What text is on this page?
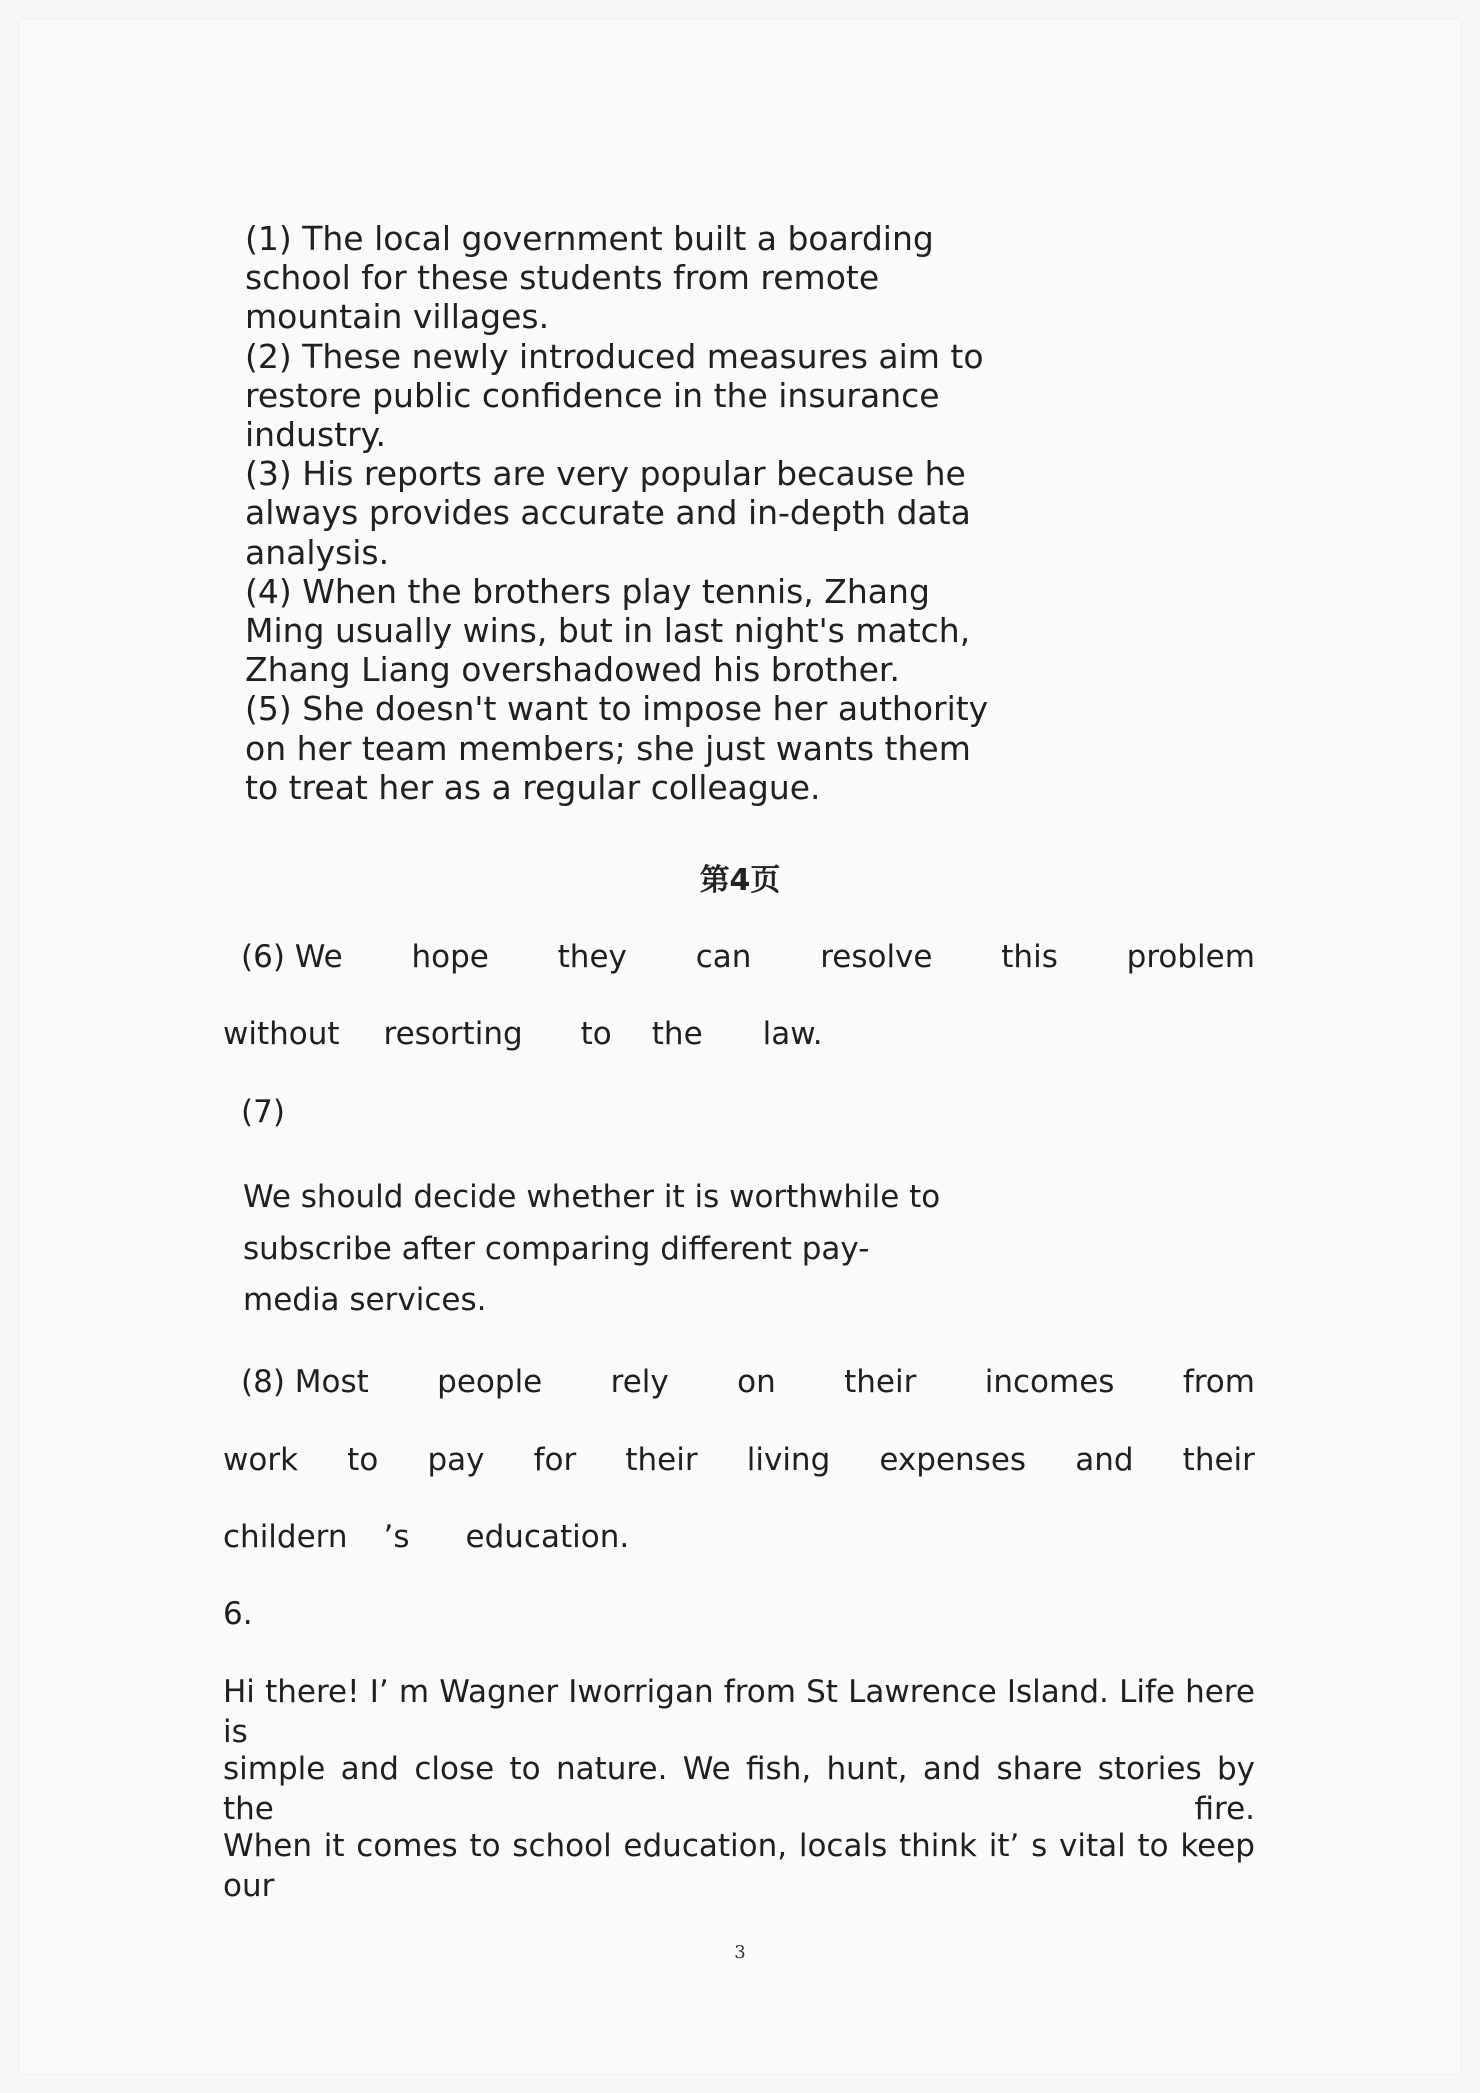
(1) The local government built a boarding
school for these students from remote
mountain villages.
(2) These newly introduced measures aim to
restore public confidence in the insurance
industry.
(3) His reports are very popular because he
always provides accurate and in-depth data
analysis.
(4) When the brothers play tennis, Zhang
Ming usually wins, but in last night's match,
Zhang Liang overshadowed his brother.
(5) She doesn't want to impose her authority
on her team members; she just wants them
to treat her as a regular colleague.
第4页
(6) We hope they can resolve this problem
without resorting to the law.
(7)
We should decide whether it is worthwhile to
subscribe after comparing different pay-
media services.
(8) Most people rely on their incomes from
work to pay for their living expenses and their
childern ’s education.
6.
Hi there! I’ m Wagner Iworrigan from St Lawrence Island. Life here is
simple and close to nature. We fish, hunt, and share stories by the fire.
When it comes to school education, locals think it’ s vital to keep our
3
